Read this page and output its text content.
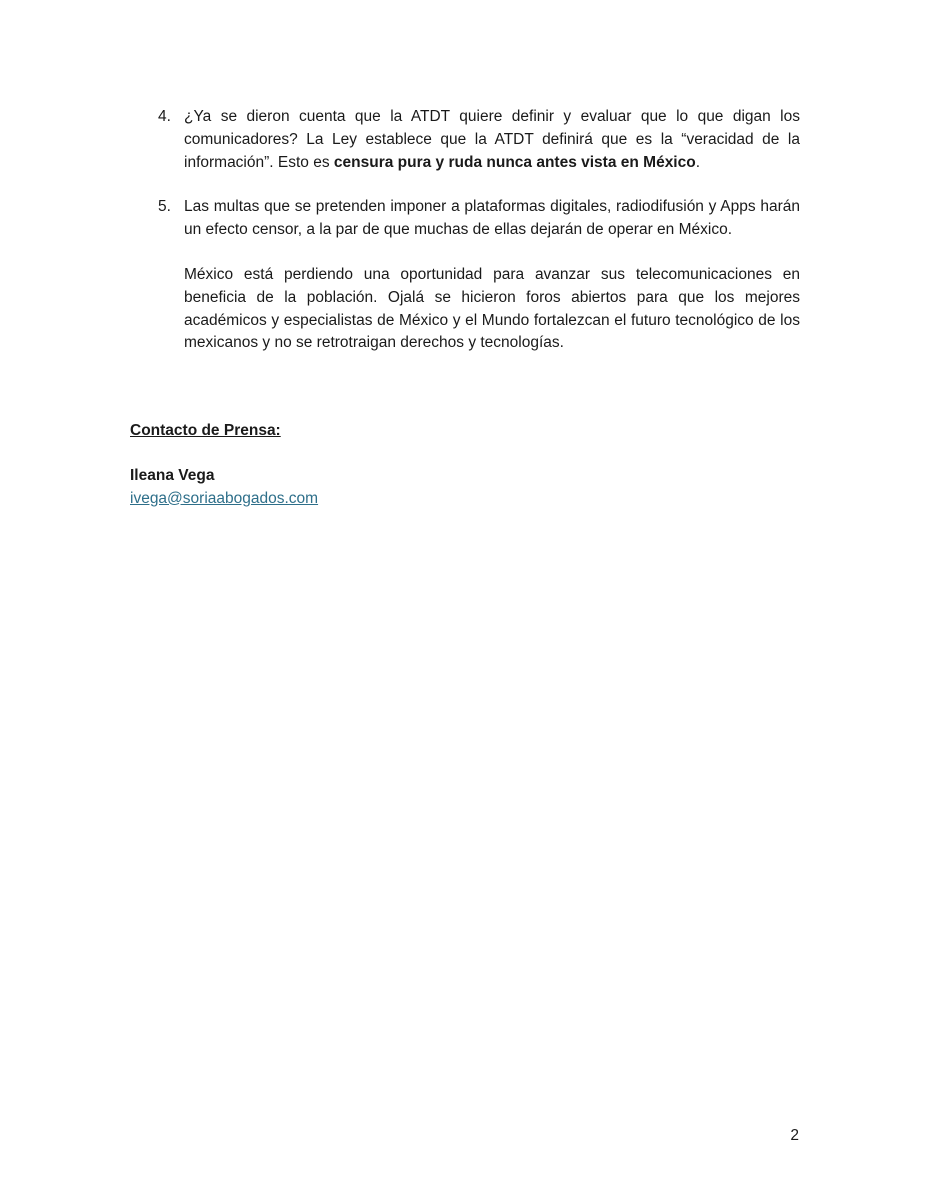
4. ¿Ya se dieron cuenta que la ATDT quiere definir y evaluar que lo que digan los comunicadores? La Ley establece que la ATDT definirá que es la “veracidad de la información”. Esto es censura pura y ruda nunca antes vista en México.

5. Las multas que se pretenden imponer a plataformas digitales, radiodifusión y Apps harán un efecto censor, a la par de que muchas de ellas dejarán de operar en México.

México está perdiendo una oportunidad para avanzar sus telecomunicaciones en beneficia de la población. Ojalá se hicieron foros abiertos para que los mejores académicos y especialistas de México y el Mundo fortalezcan el futuro tecnológico de los mexicanos y no se retrotraigan derechos y tecnologías.

Contacto de Prensa:

Ileana Vega

ivega@soriaabogados.com
2
